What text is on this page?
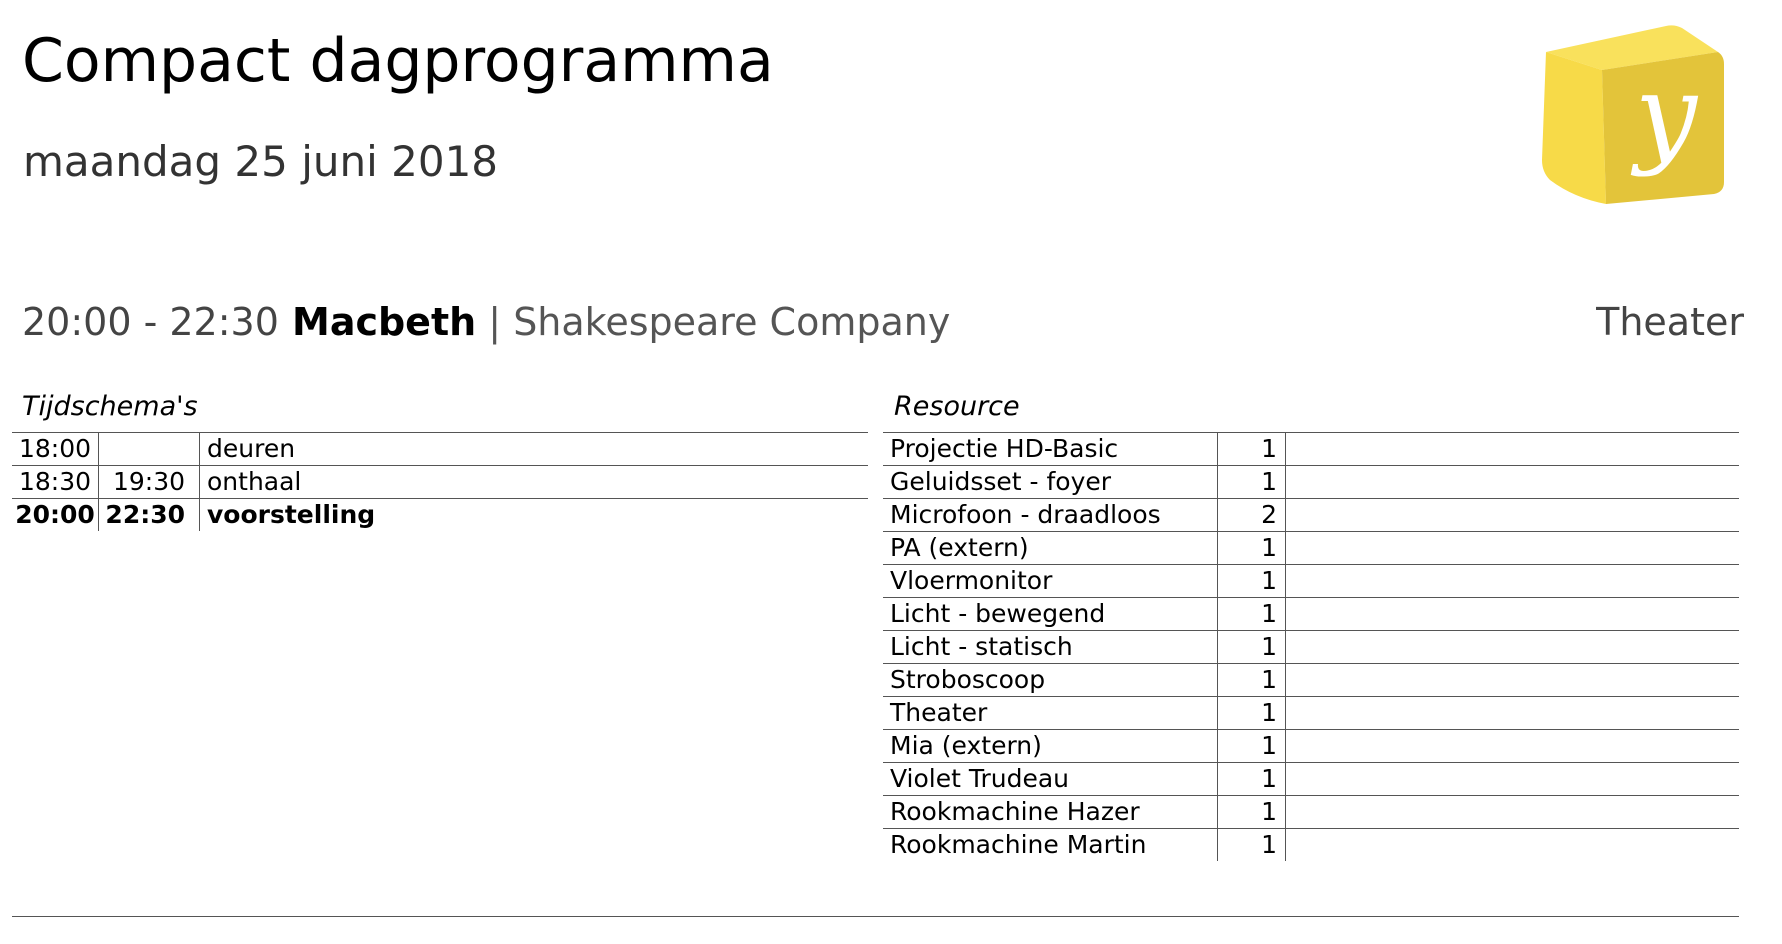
Compact dagprogramma
maandag 25 juni 2018	y
20:00 - 22:30 Macbeth | Shakespeare Company	Theater
Tijdschema's	Resource
18:00		deuren
18:30	19:30	onthaal
20:00	22:30	voorstelling
Projectie HD-Basic	1	
Geluidsset - foyer	1	
Microfoon - draadloos	2	
PA (extern)	1	
Vloermonitor	1	
Licht - bewegend	1	
Licht - statisch	1	
Stroboscoop	1	
Theater	1	
Mia (extern)	1	
Violet Trudeau	1	
Rookmachine Hazer	1	
Rookmachine Martin	1	
